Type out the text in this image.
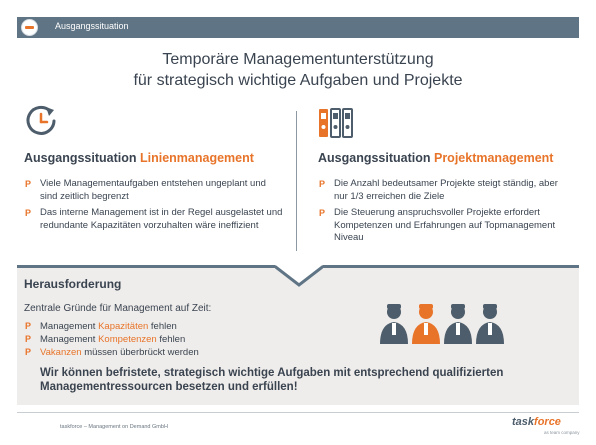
Ausgangssituation
Temporäre Managementunterstützung
für strategisch wichtige Aufgaben und Projekte
Ausgangssituation Linienmanagement	Ausgangssituation Projektmanagement
P Viele Managementaufgaben entstehen ungeplant und sind zeitlich begrenzt
P Das interne Management ist in der Regel ausgelastet und redundante Kapazitäten vorzuhalten wäre ineffizient
P Die Anzahl bedeutsamer Projekte steigt ständig, aber nur 1/3 erreichen die Ziele
P Die Steuerung anspruchsvoller Projekte erfordert Kompetenzen und Erfahrungen auf Topmanagement Niveau
Herausforderung
Zentrale Gründe für Management auf Zeit:
P Management Kapazitäten fehlen
P Management Kompetenzen fehlen
P Vakanzen müssen überbrückt werden
Wir können befristete, strategisch wichtige Aufgaben mit entsprechend qualifizierten Managementressourcen besetzen und erfüllen!
taskforce – Management on Demand GmbH	taskforce
as team company
